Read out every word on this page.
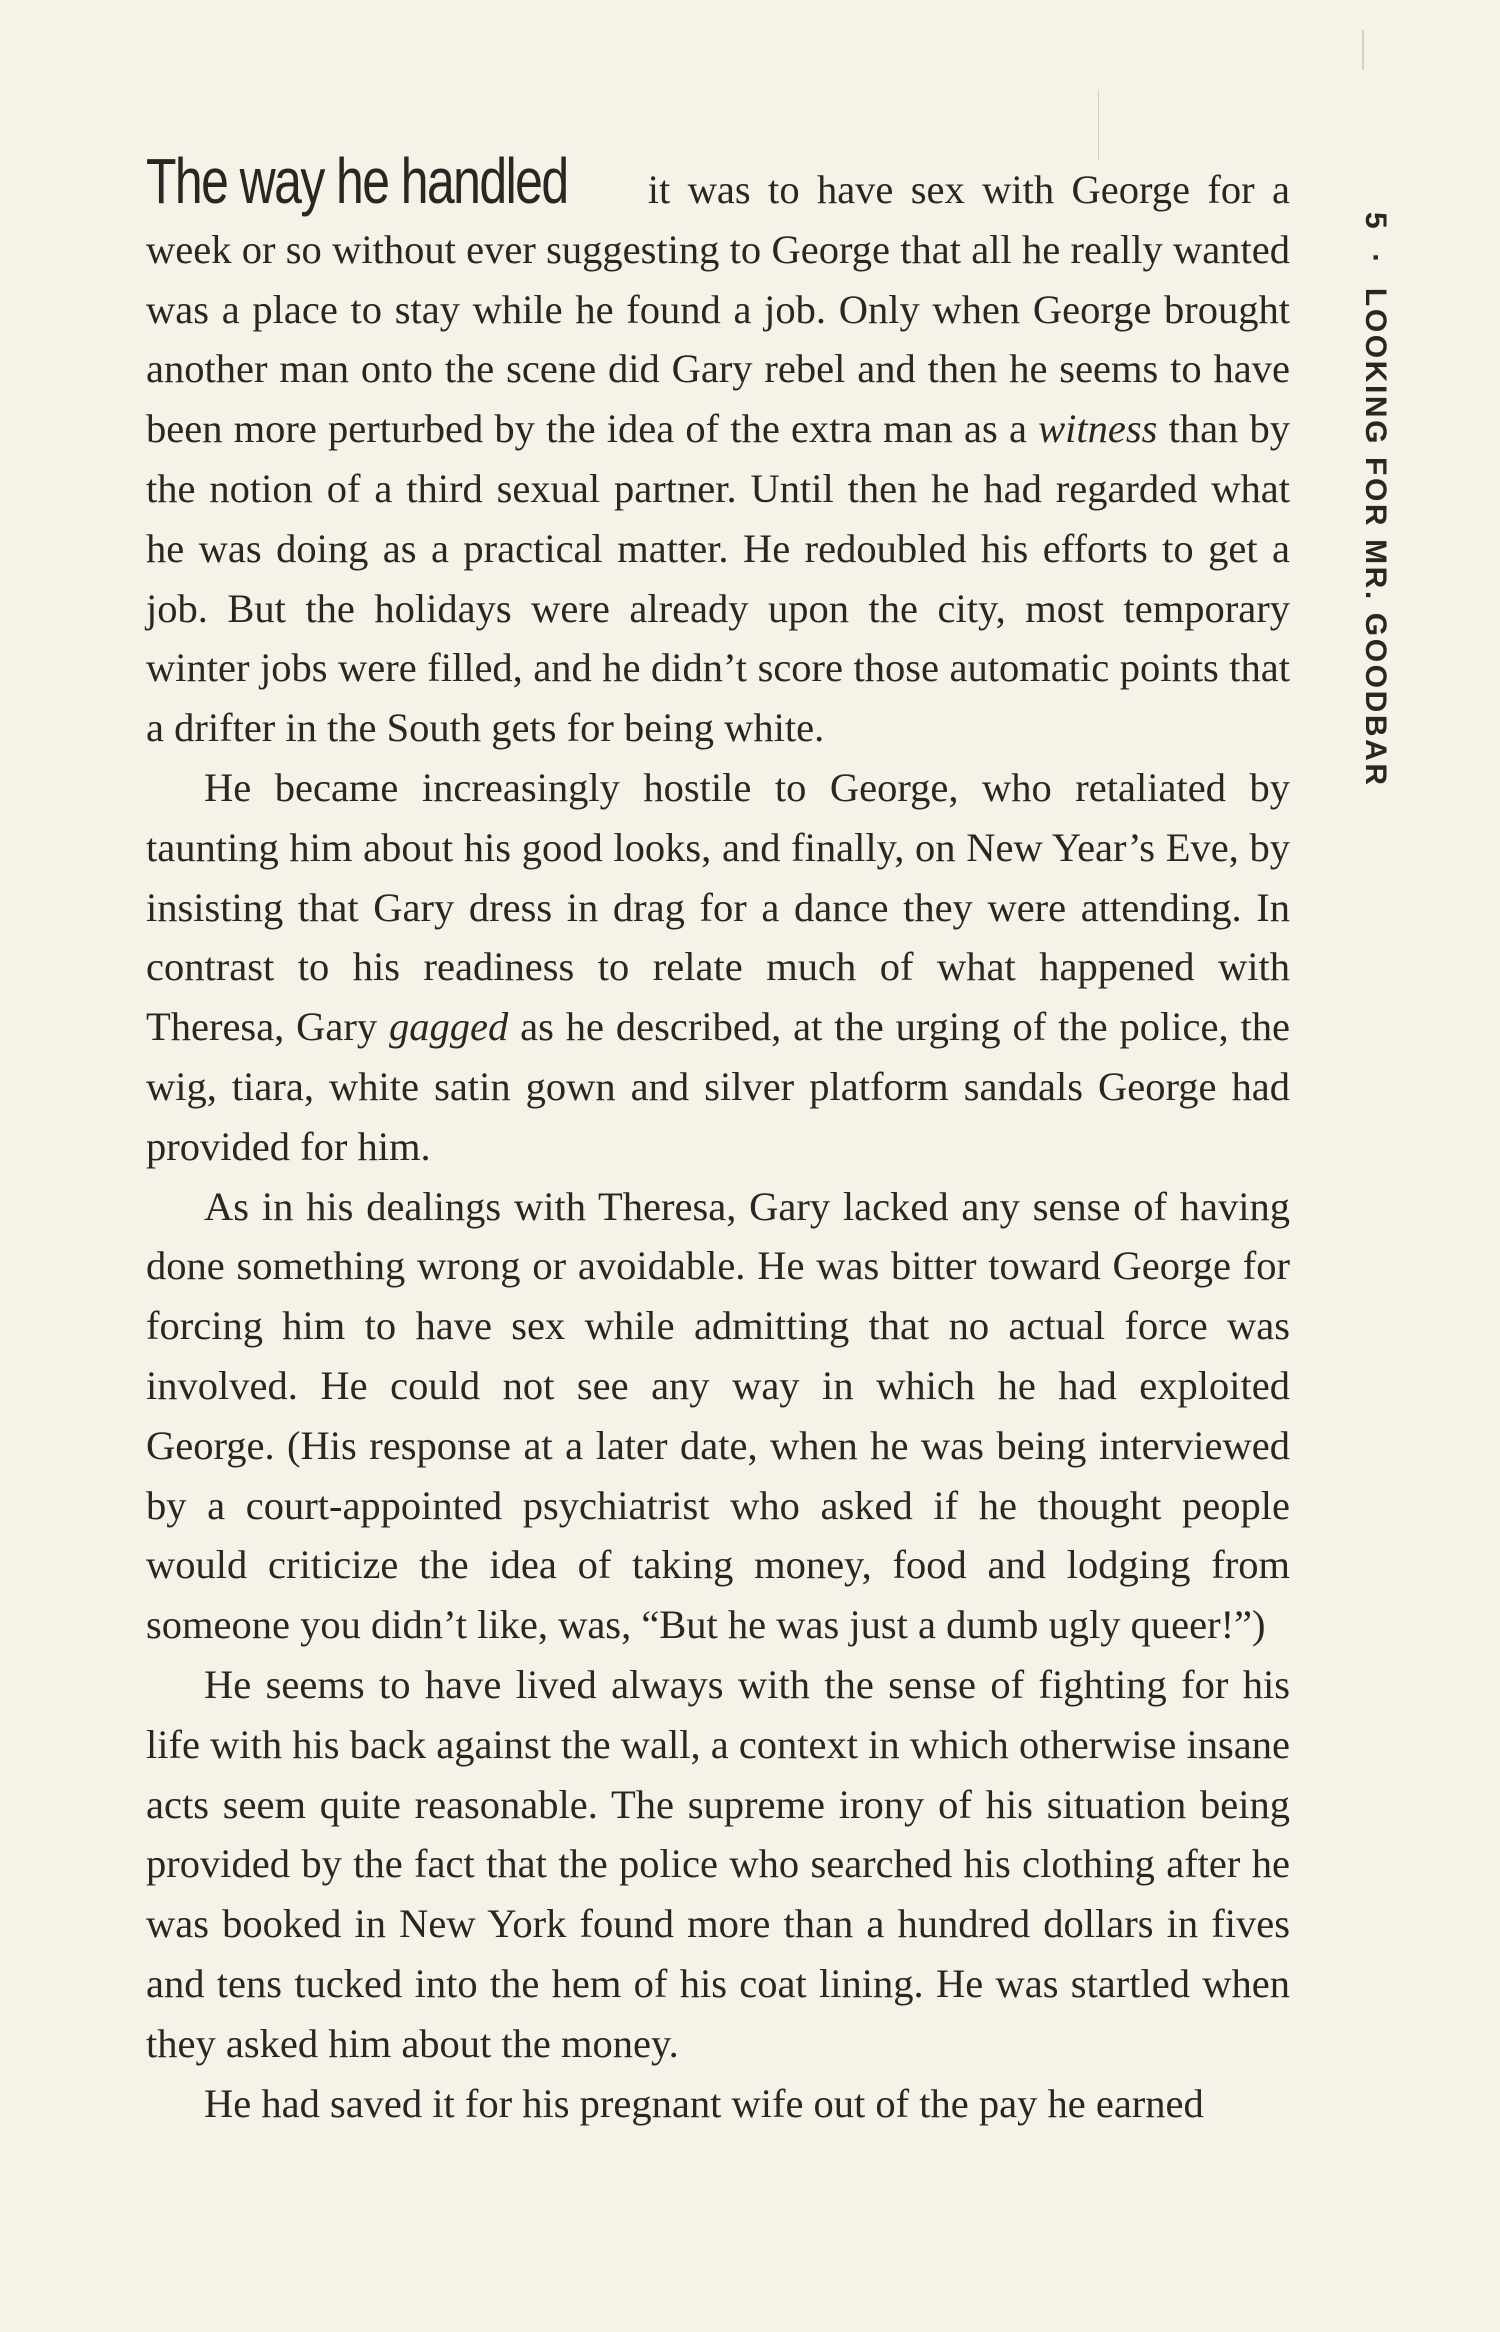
The way he handled it was to have sex with George for a week or so without ever suggesting to George that all he really wanted was a place to stay while he found a job. Only when George brought another man onto the scene did Gary rebel and then he seems to have been more perturbed by the idea of the extra man as a witness than by the notion of a third sexual partner. Until then he had regarded what he was doing as a practical matter. He redoubled his efforts to get a job. But the holidays were already upon the city, most temporary winter jobs were filled, and he didn’t score those automatic points that a drifter in the South gets for being white.

He became increasingly hostile to George, who retaliated by taunting him about his good looks, and finally, on New Year’s Eve, by insisting that Gary dress in drag for a dance they were attending. In contrast to his readiness to relate much of what happened with Theresa, Gary gagged as he described, at the urging of the police, the wig, tiara, white satin gown and silver platform sandals George had provided for him.

As in his dealings with Theresa, Gary lacked any sense of having done something wrong or avoidable. He was bitter toward George for forcing him to have sex while admitting that no actual force was involved. He could not see any way in which he had exploited George. (His response at a later date, when he was being interviewed by a court-appointed psychiatrist who asked if he thought people would criticize the idea of taking money, food and lodging from someone you didn’t like, was, “But he was just a dumb ugly queer!”)

He seems to have lived always with the sense of fighting for his life with his back against the wall, a context in which otherwise insane acts seem quite reasonable. The supreme irony of his situation being provided by the fact that the police who searched his clothing after he was booked in New York found more than a hundred dollars in fives and tens tucked into the hem of his coat lining. He was startled when they asked him about the money.

He had saved it for his pregnant wife out of the pay he earned

5·LOOKING FOR MR. GOODBAR
